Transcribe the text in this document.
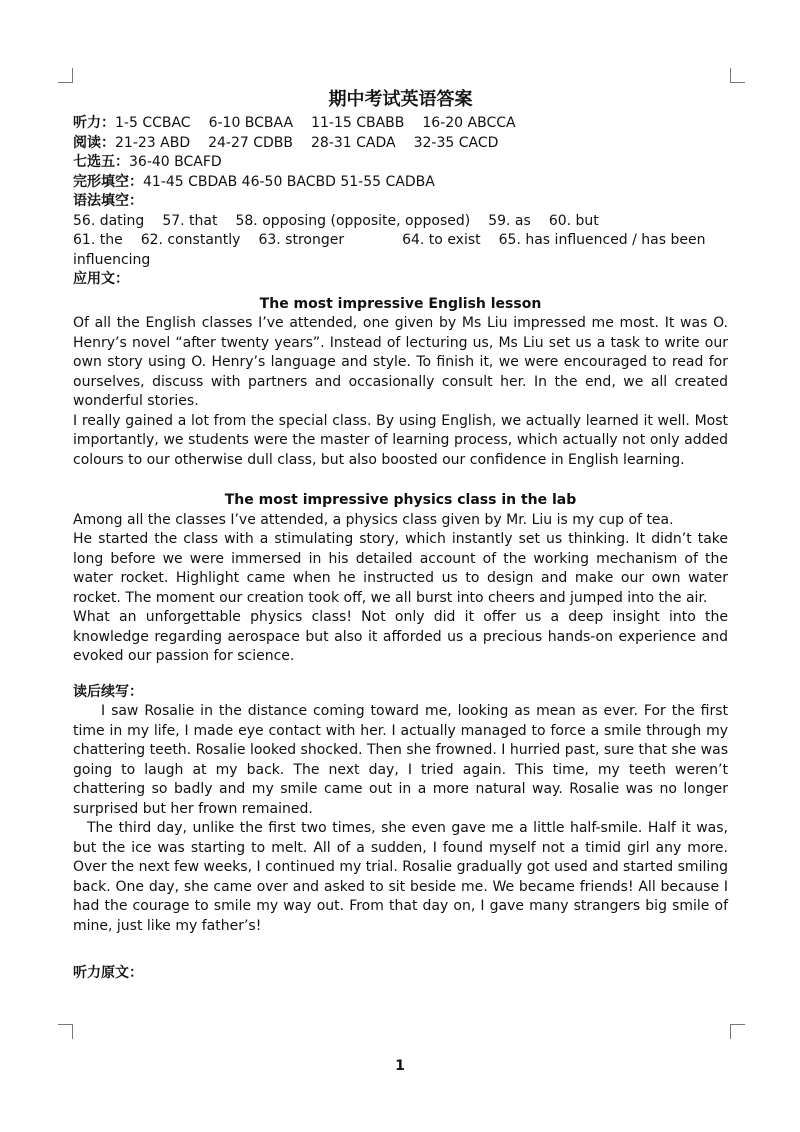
期中考试英语答案
听力：1-5 CCBAC 6-10 BCBAA 11-15 CBABB 16-20 ABCCA
阅读：21-23 ABD 24-27 CDBB 28-31 CADA 32-35 CACD
七选五：36-40 BCAFD
完形填空：41-45 CBDAB 46-50 BACBD 51-55 CADBA
语法填空：
56. dating 57. that 58. opposing (opposite, opposed) 59. as 60. but
61. the 62. constantly 63. stronger	64. to exist 65. has influenced / has been
influencing
应用文：
The most impressive English lesson
Of all the English classes I’ve attended, one given by Ms Liu impressed me most. It was O. Henry’s novel “after twenty years”. Instead of lecturing us, Ms Liu set us a task to write our own story using O. Henry’s language and style. To finish it, we were encouraged to read for ourselves, discuss with partners and occasionally consult her. In the end, we all created wonderful stories.
I really gained a lot from the special class. By using English, we actually learned it well. Most importantly, we students were the master of learning process, which actually not only added colours to our otherwise dull class, but also boosted our confidence in English learning.
The most impressive physics class in the lab
Among all the classes I’ve attended, a physics class given by Mr. Liu is my cup of tea.
He started the class with a stimulating story, which instantly set us thinking. It didn’t take long before we were immersed in his detailed account of the working mechanism of the water rocket. Highlight came when he instructed us to design and make our own water rocket. The moment our creation took off, we all burst into cheers and jumped into the air.
What an unforgettable physics class! Not only did it offer us a deep insight into the knowledge regarding aerospace but also it afforded us a precious hands-on experience and evoked our passion for science.
读后续写：
I saw Rosalie in the distance coming toward me, looking as mean as ever. For the first time in my life, I made eye contact with her. I actually managed to force a smile through my chattering teeth. Rosalie looked shocked. Then she frowned. I hurried past, sure that she was going to laugh at my back. The next day, I tried again. This time, my teeth weren’t chattering so badly and my smile came out in a more natural way. Rosalie was no longer surprised but her frown remained.
The third day, unlike the first two times, she even gave me a little half-smile. Half it was, but the ice was starting to melt. All of a sudden, I found myself not a timid girl any more. Over the next few weeks, I continued my trial. Rosalie gradually got used and started smiling back. One day, she came over and asked to sit beside me. We became friends! All because I had the courage to smile my way out. From that day on, I gave many strangers big smile of mine, just like my father’s!
听力原文：
1
